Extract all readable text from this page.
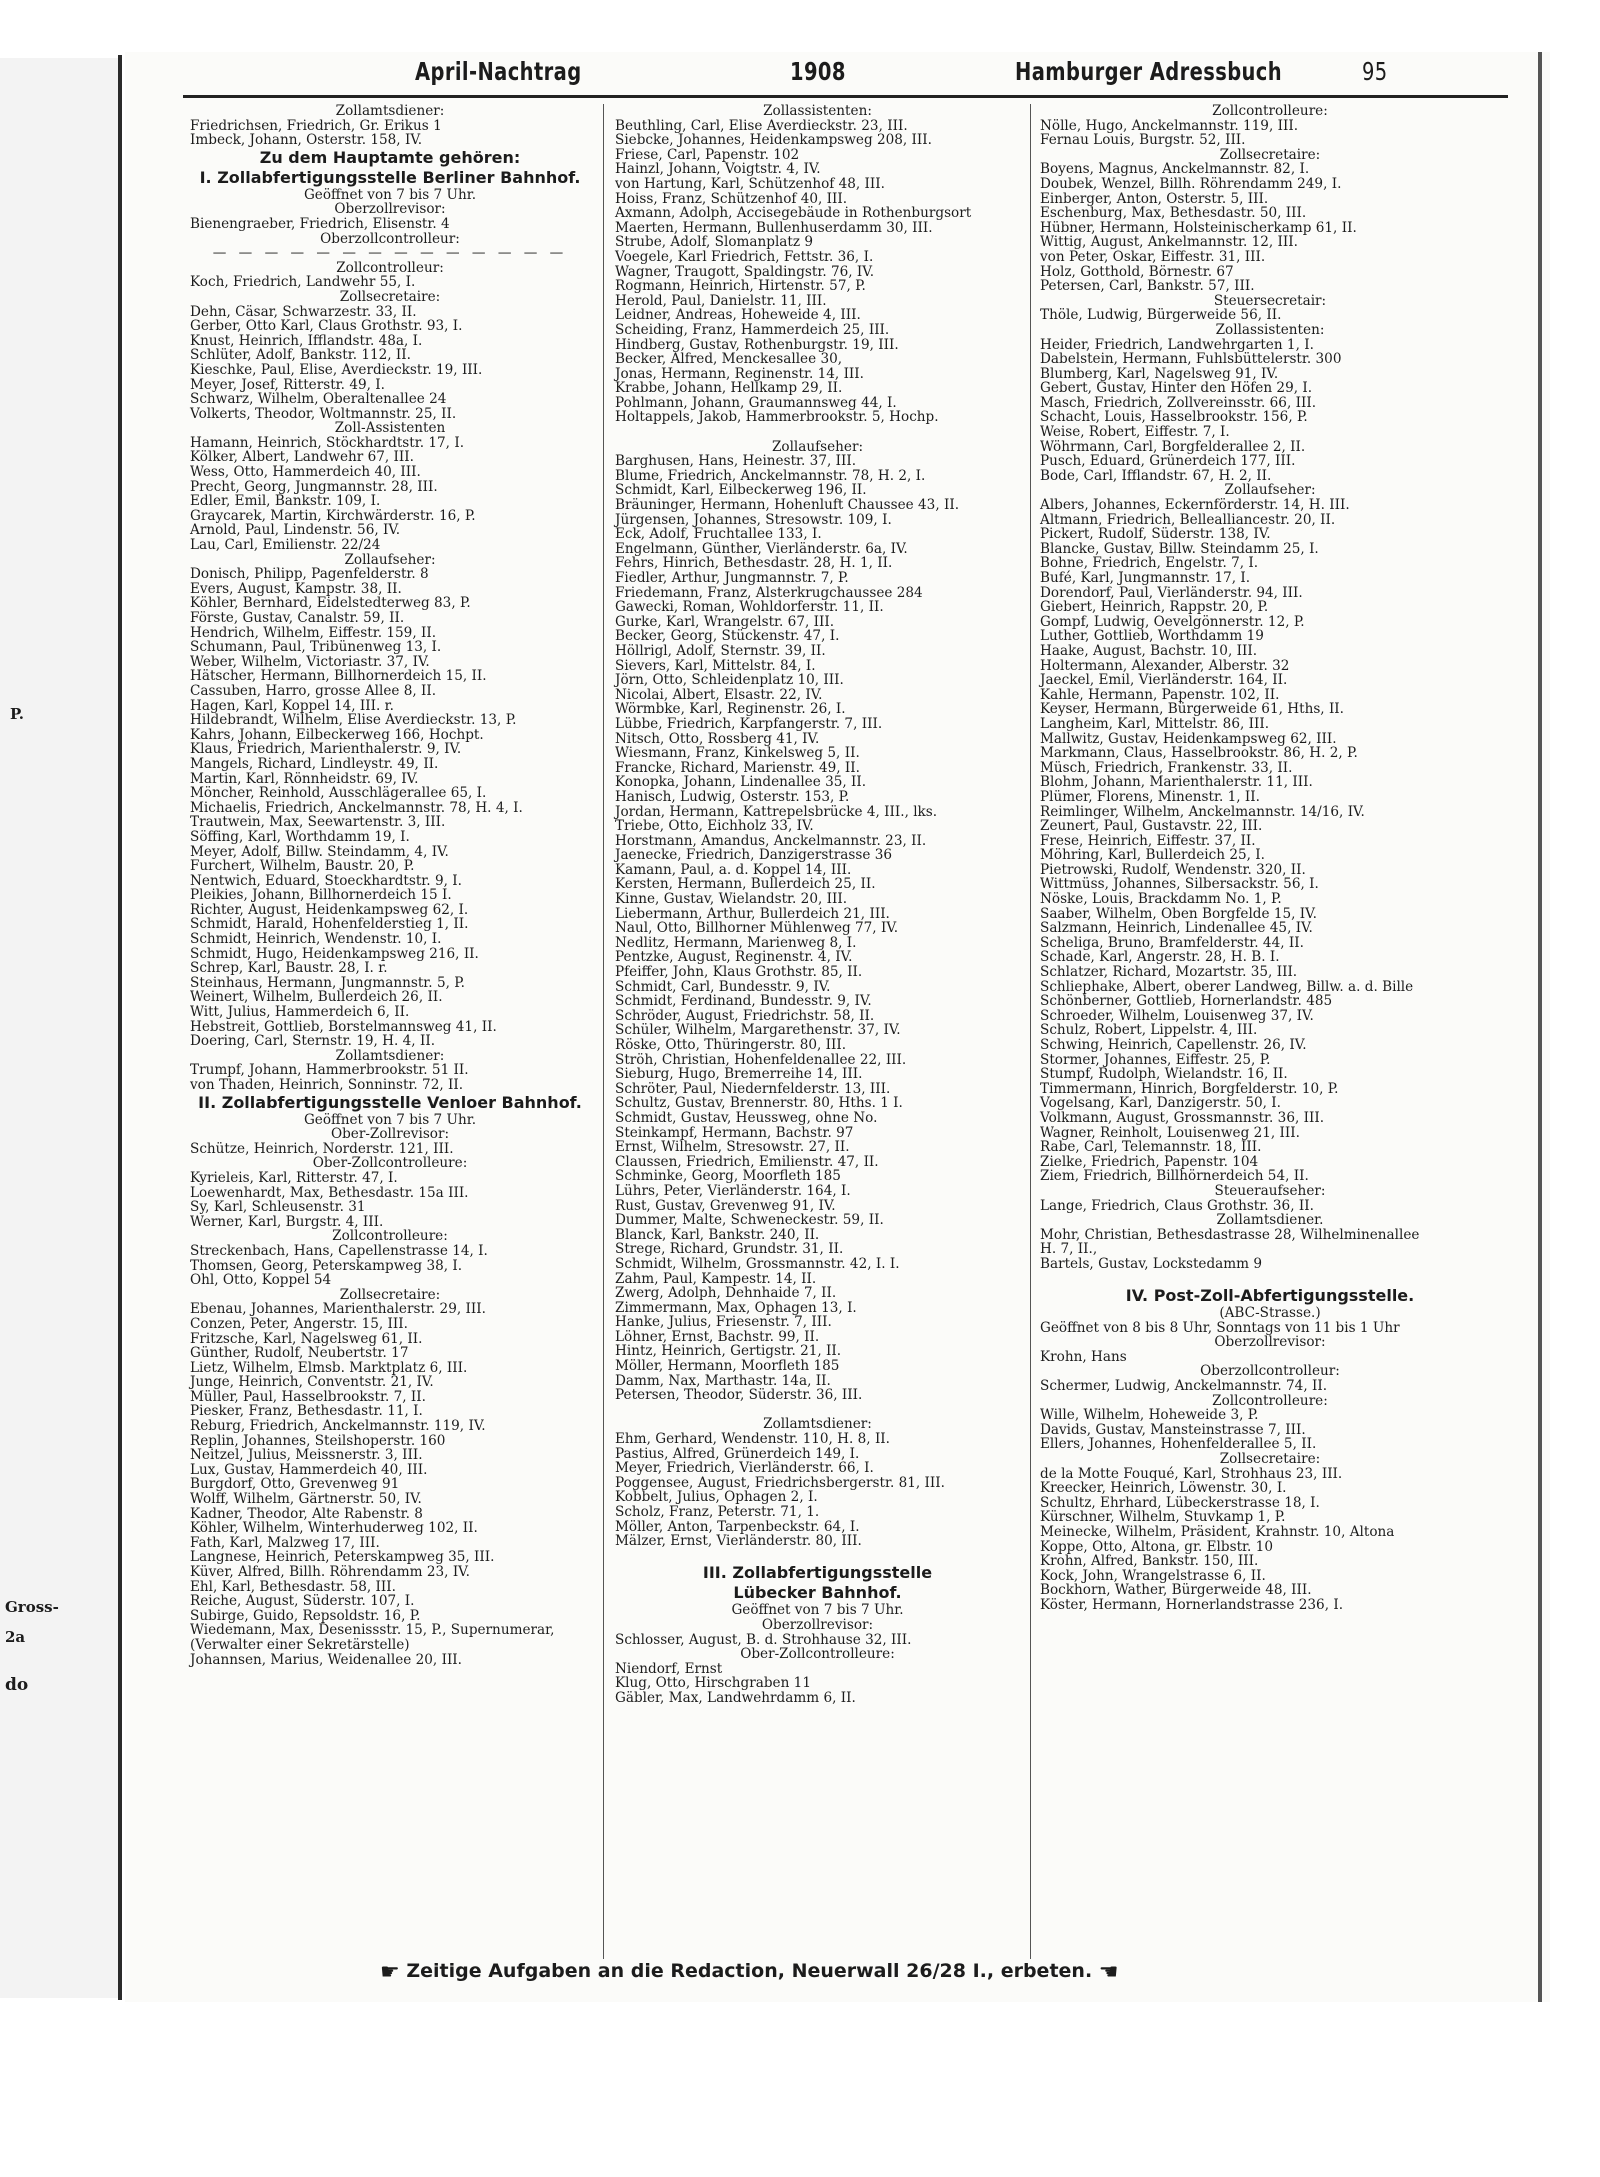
P.
Gross-
2a
do
April-Nachtrag	1908	Hamburger Adressbuch	95
Zollamtsdiener:
Friedrichsen, Friedrich, Gr. Erikus 1
Imbeck, Johann, Osterstr. 158, IV.
Zu dem Hauptamte gehören:
I. Zollabfertigungsstelle Berliner Bahnhof.
Geöffnet von 7 bis 7 Uhr.
Oberzollrevisor:
Bienengraeber, Friedrich, Elisenstr. 4
Oberzollcontrolleur:
— — — — — — — — — — — — — —
Zollcontrolleur:
Koch, Friedrich, Landwehr 55, I.
Zollsecretaire:
Dehn, Cäsar, Schwarzestr. 33, II.
Gerber, Otto Karl, Claus Grothstr. 93, I.
Knust, Heinrich, Ifflandstr. 48a, I.
Schlüter, Adolf, Bankstr. 112, II.
Kieschke, Paul, Elise, Averdieckstr. 19, III.
Meyer, Josef, Ritterstr. 49, I.
Schwarz, Wilhelm, Oberaltenallee 24
Volkerts, Theodor, Woltmannstr. 25, II.
Zoll-Assistenten
Hamann, Heinrich, Stöckhardtstr. 17, I.
Kölker, Albert, Landwehr 67, III.
Wess, Otto, Hammerdeich 40, III.
Precht, Georg, Jungmannstr. 28, III.
Edler, Emil, Bankstr. 109, I.
Graycarek, Martin, Kirchwärderstr. 16, P.
Arnold, Paul, Lindenstr. 56, IV.
Lau, Carl, Emilienstr. 22/24
Zollaufseher:
Donisch, Philipp, Pagenfelderstr. 8
Evers, August, Kampstr. 38, II.
Köhler, Bernhard, Eidelstedterweg 83, P.
Förste, Gustav, Canalstr. 59, II.
Hendrich, Wilhelm, Eiffestr. 159, II.
Schumann, Paul, Tribünenweg 13, I.
Weber, Wilhelm, Victoriastr. 37, IV.
Hätscher, Hermann, Billhornerdeich 15, II.
Cassuben, Harro, grosse Allee 8, II.
Hagen, Karl, Koppel 14, III. r.
Hildebrandt, Wilhelm, Elise Averdieckstr. 13, P.
Kahrs, Johann, Eilbeckerweg 166, Hochpt.
Klaus, Friedrich, Marienthalerstr. 9, IV.
Mangels, Richard, Lindleystr. 49, II.
Martin, Karl, Rönnheidstr. 69, IV.
Möncher, Reinhold, Ausschlägerallee 65, I.
Michaelis, Friedrich, Anckelmannstr. 78, H. 4, I.
Trautwein, Max, Seewartenstr. 3, III.
Söffing, Karl, Worthdamm 19, I.
Meyer, Adolf, Billw. Steindamm, 4, IV.
Furchert, Wilhelm, Baustr. 20, P.
Nentwich, Eduard, Stoeckhardtstr. 9, I.
Pleikies, Johann, Billhornerdeich 15 I.
Richter, August, Heidenkampsweg 62, I.
Schmidt, Harald, Hohenfelderstieg 1, II.
Schmidt, Heinrich, Wendenstr. 10, I.
Schmidt, Hugo, Heidenkampsweg 216, II.
Schrep, Karl, Baustr. 28, I. r.
Steinhaus, Hermann, Jungmannstr. 5, P.
Weinert, Wilhelm, Bullerdeich 26, II.
Witt, Julius, Hammerdeich 6, II.
Hebstreit, Gottlieb, Borstelmannsweg 41, II.
Doering, Carl, Sternstr. 19, H. 4, II.
Zollamtsdiener:
Trumpf, Johann, Hammerbrookstr. 51 II.
von Thaden, Heinrich, Sonninstr. 72, II.
II. Zollabfertigungsstelle Venloer Bahnhof.
Geöffnet von 7 bis 7 Uhr.
Ober-Zollrevisor:
Schütze, Heinrich, Norderstr. 121, III.
Ober-Zollcontrolleure:
Kyrieleis, Karl, Ritterstr. 47, I.
Loewenhardt, Max, Bethesdastr. 15a III.
Sy, Karl, Schleusenstr. 31
Werner, Karl, Burgstr. 4, III.
Zollcontrolleure:
Streckenbach, Hans, Capellenstrasse 14, I.
Thomsen, Georg, Peterskampweg 38, I.
Ohl, Otto, Koppel 54
Zollsecretaire:
Ebenau, Johannes, Marienthalerstr. 29, III.
Conzen, Peter, Angerstr. 15, III.
Fritzsche, Karl, Nagelsweg 61, II.
Günther, Rudolf, Neubertstr. 17
Lietz, Wilhelm, Elmsb. Marktplatz 6, III.
Junge, Heinrich, Conventstr. 21, IV.
Müller, Paul, Hasselbrookstr. 7, II.
Piesker, Franz, Bethesdastr. 11, I.
Reburg, Friedrich, Anckelmannstr. 119, IV.
Replin, Johannes, Steilshoperstr. 160
Neitzel, Julius, Meissnerstr. 3, III.
Lux, Gustav, Hammerdeich 40, III.
Burgdorf, Otto, Grevenweg 91
Wolff, Wilhelm, Gärtnerstr. 50, IV.
Kadner, Theodor, Alte Rabenstr. 8
Köhler, Wilhelm, Winterhuderweg 102, II.
Fath, Karl, Malzweg 17, III.
Langnese, Heinrich, Peterskampweg 35, III.
Küver, Alfred, Billh. Röhrendamm 23, IV.
Ehl, Karl, Bethesdastr. 58, III.
Reiche, August, Süderstr. 107, I.
Subirge, Guido, Repsoldstr. 16, P.
Wiedemann, Max, Desenissstr. 15, P., Supernumerar,
(Verwalter einer Sekretärstelle)
Johannsen, Marius, Weidenallee 20, III.
Zollassistenten:
Beuthling, Carl, Elise Averdieckstr. 23, III.
Siebcke, Johannes, Heidenkampsweg 208, III.
Friese, Carl, Papenstr. 102
Hainzl, Johann, Voigtstr. 4, IV.
von Hartung, Karl, Schützenhof 48, III.
Hoiss, Franz, Schützenhof 40, III.
Axmann, Adolph, Accisegebäude in Rothenburgsort
Maerten, Hermann, Bullenhuserdamm 30, III.
Strube, Adolf, Slomanplatz 9
Voegele, Karl Friedrich, Fettstr. 36, I.
Wagner, Traugott, Spaldingstr. 76, IV.
Rogmann, Heinrich, Hirtenstr. 57, P.
Herold, Paul, Danielstr. 11, III.
Leidner, Andreas, Hoheweide 4, III.
Scheiding, Franz, Hammerdeich 25, III.
Hindberg, Gustav, Rothenburgstr. 19, III.
Becker, Alfred, Menckesallee 30,
Jonas, Hermann, Reginenstr. 14, III.
Krabbe, Johann, Hellkamp 29, II.
Pohlmann, Johann, Graumannsweg 44, I.
Holtappels, Jakob, Hammerbrookstr. 5, Hochp.
Zollaufseher:
Barghusen, Hans, Heinestr. 37, III.
Blume, Friedrich, Anckelmannstr. 78, H. 2, I.
Schmidt, Karl, Eilbeckerweg 196, II.
Bräuninger, Hermann, Hohenluft Chaussee 43, II.
Jürgensen, Johannes, Stresowstr. 109, I.
Eck, Adolf, Fruchtallee 133, I.
Engelmann, Günther, Vierländerstr. 6a, IV.
Fehrs, Hinrich, Bethesdastr. 28, H. 1, II.
Fiedler, Arthur, Jungmannstr. 7, P.
Friedemann, Franz, Alsterkrugchaussee 284
Gawecki, Roman, Wohldorferstr. 11, II.
Gurke, Karl, Wrangelstr. 67, III.
Becker, Georg, Stückenstr. 47, I.
Höllrigl, Adolf, Sternstr. 39, II.
Sievers, Karl, Mittelstr. 84, I.
Jörn, Otto, Schleidenplatz 10, III.
Nicolai, Albert, Elsastr. 22, IV.
Wörmbke, Karl, Reginenstr. 26, I.
Lübbe, Friedrich, Karpfangerstr. 7, III.
Nitsch, Otto, Rossberg 41, IV.
Wiesmann, Franz, Kinkelsweg 5, II.
Francke, Richard, Marienstr. 49, II.
Konopka, Johann, Lindenallee 35, II.
Hanisch, Ludwig, Osterstr. 153, P.
Jordan, Hermann, Kattrepelsbrücke 4, III., lks.
Triebe, Otto, Eichholz 33, IV.
Horstmann, Amandus, Anckelmannstr. 23, II.
Jaenecke, Friedrich, Danzigerstrasse 36
Kamann, Paul, a. d. Koppel 14, III.
Kersten, Hermann, Bullerdeich 25, II.
Kinne, Gustav, Wielandstr. 20, III.
Liebermann, Arthur, Bullerdeich 21, III.
Naul, Otto, Billhorner Mühlenweg 77, IV.
Nedlitz, Hermann, Marienweg 8, I.
Pentzke, August, Reginenstr. 4, IV.
Pfeiffer, John, Klaus Grothstr. 85, II.
Schmidt, Carl, Bundesstr. 9, IV.
Schmidt, Ferdinand, Bundesstr. 9, IV.
Schröder, August, Friedrichstr. 58, II.
Schüler, Wilhelm, Margarethenstr. 37, IV.
Röske, Otto, Thüringerstr. 80, III.
Ströh, Christian, Hohenfeldenallee 22, III.
Sieburg, Hugo, Bremerreihe 14, III.
Schröter, Paul, Niedernfelderstr. 13, III.
Schultz, Gustav, Brennerstr. 80, Hths. 1 I.
Schmidt, Gustav, Heussweg, ohne No.
Steinkampf, Hermann, Bachstr. 97
Ernst, Wilhelm, Stresowstr. 27, II.
Claussen, Friedrich, Emilienstr. 47, II.
Schminke, Georg, Moorfleth 185
Lührs, Peter, Vierländerstr. 164, I.
Rust, Gustav, Grevenweg 91, IV.
Dummer, Malte, Schweneckestr. 59, II.
Blanck, Karl, Bankstr. 240, II.
Strege, Richard, Grundstr. 31, II.
Schmidt, Wilhelm, Grossmannstr. 42, I. I.
Zahm, Paul, Kampestr. 14, II.
Zwerg, Adolph, Dehnhaide 7, II.
Zimmermann, Max, Ophagen 13, I.
Hanke, Julius, Friesenstr. 7, III.
Löhner, Ernst, Bachstr. 99, II.
Hintz, Heinrich, Gertigstr. 21, II.
Möller, Hermann, Moorfleth 185
Damm, Nax, Marthastr. 14a, II.
Petersen, Theodor, Süderstr. 36, III.
Zollamtsdiener:
Ehm, Gerhard, Wendenstr. 110, H. 8, II.
Pastius, Alfred, Grünerdeich 149, I.
Meyer, Friedrich, Vierländerstr. 66, I.
Poggensee, August, Friedrichsbergerstr. 81, III.
Kobbelt, Julius, Ophagen 2, I.
Scholz, Franz, Peterstr. 71, 1.
Möller, Anton, Tarpenbeckstr. 64, I.
Mälzer, Ernst, Vierländerstr. 80, III.
III. Zollabfertigungsstelle
Lübecker Bahnhof.
Geöffnet von 7 bis 7 Uhr.
Oberzollrevisor:
Schlosser, August, B. d. Strohhause 32, III.
Ober-Zollcontrolleure:
Niendorf, Ernst
Klug, Otto, Hirschgraben 11
Gäbler, Max, Landwehrdamm 6, II.
Zollcontrolleure:
Nölle, Hugo, Anckelmannstr. 119, III.
Fernau Louis, Burgstr. 52, III.
Zollsecretaire:
Boyens, Magnus, Anckelmannstr. 82, I.
Doubek, Wenzel, Billh. Röhrendamm 249, I.
Einberger, Anton, Osterstr. 5, III.
Eschenburg, Max, Bethesdastr. 50, III.
Hübner, Hermann, Holsteinischerkamp 61, II.
Wittig, August, Ankelmannstr. 12, III.
von Peter, Oskar, Eiffestr. 31, III.
Holz, Gotthold, Börnestr. 67
Petersen, Carl, Bankstr. 57, III.
Steuersecretair:
Thöle, Ludwig, Bürgerweide 56, II.
Zollassistenten:
Heider, Friedrich, Landwehrgarten 1, I.
Dabelstein, Hermann, Fuhlsbüttelerstr. 300
Blumberg, Karl, Nagelsweg 91, IV.
Gebert, Gustav, Hinter den Höfen 29, I.
Masch, Friedrich, Zollvereinsstr. 66, III.
Schacht, Louis, Hasselbrookstr. 156, P.
Weise, Robert, Eiffestr. 7, I.
Wöhrmann, Carl, Borgfelderallee 2, II.
Pusch, Eduard, Grünerdeich 177, III.
Bode, Carl, Ifflandstr. 67, H. 2, II.
Zollaufseher:
Albers, Johannes, Eckernförderstr. 14, H. III.
Altmann, Friedrich, Bellealliancestr. 20, II.
Pickert, Rudolf, Süderstr. 138, IV.
Blancke, Gustav, Billw. Steindamm 25, I.
Bohne, Friedrich, Engelstr. 7, I.
Bufé, Karl, Jungmannstr. 17, I.
Dorendorf, Paul, Vierländerstr. 94, III.
Giebert, Heinrich, Rappstr. 20, P.
Gompf, Ludwig, Oevelgönnerstr. 12, P.
Luther, Gottlieb, Worthdamm 19
Haake, August, Bachstr. 10, III.
Holtermann, Alexander, Alberstr. 32
Jaeckel, Emil, Vierländerstr. 164, II.
Kahle, Hermann, Papenstr. 102, II.
Keyser, Hermann, Bürgerweide 61, Hths, II.
Langheim, Karl, Mittelstr. 86, III.
Mallwitz, Gustav, Heidenkampsweg 62, III.
Markmann, Claus, Hasselbrookstr. 86, H. 2, P.
Müsch, Friedrich, Frankenstr. 33, II.
Blohm, Johann, Marienthalerstr. 11, III.
Plümer, Florens, Minenstr. 1, II.
Reimlinger, Wilhelm, Anckelmannstr. 14/16, IV.
Zeunert, Paul, Gustavstr. 22, III.
Frese, Heinrich, Eiffestr. 37, II.
Möhring, Karl, Bullerdeich 25, I.
Pietrowski, Rudolf, Wendenstr. 320, II.
Wittmüss, Johannes, Silbersackstr. 56, I.
Nöske, Louis, Brackdamm No. 1, P.
Saaber, Wilhelm, Oben Borgfelde 15, IV.
Salzmann, Heinrich, Lindenallee 45, IV.
Scheliga, Bruno, Bramfelderstr. 44, II.
Schade, Karl, Angerstr. 28, H. B. I.
Schlatzer, Richard, Mozartstr. 35, III.
Schliephake, Albert, oberer Landweg, Billw. a. d. Bille
Schönberner, Gottlieb, Hornerlandstr. 485
Schroeder, Wilhelm, Louisenweg 37, IV.
Schulz, Robert, Lippelstr. 4, III.
Schwing, Heinrich, Capellenstr. 26, IV.
Stormer, Johannes, Eiffestr. 25, P.
Stumpf, Rudolph, Wielandstr. 16, II.
Timmermann, Hinrich, Borgfelderstr. 10, P.
Vogelsang, Karl, Danzigerstr. 50, I.
Volkmann, August, Grossmannstr. 36, III.
Wagner, Reinholt, Louisenweg 21, III.
Rabe, Carl, Telemannstr. 18, III.
Zielke, Friedrich, Papenstr. 104
Ziem, Friedrich, Billhörnerdeich 54, II.
Steueraufseher:
Lange, Friedrich, Claus Grothstr. 36, II.
Zollamtsdiener.
Mohr, Christian, Bethesdastrasse 28, Wilhelminenallee
H. 7, II.,
Bartels, Gustav, Lockstedamm 9
IV. Post-Zoll-Abfertigungsstelle.
(ABC-Strasse.)
Geöffnet von 8 bis 8 Uhr, Sonntags von 11 bis 1 Uhr
Oberzollrevisor:
Krohn, Hans
Oberzollcontrolleur:
Schermer, Ludwig, Anckelmannstr. 74, II.
Zollcontrolleure:
Wille, Wilhelm, Hoheweide 3, P.
Davids, Gustav, Mansteinstrasse 7, III.
Ellers, Johannes, Hohenfelderallee 5, II.
Zollsecretaire:
de la Motte Fouqué, Karl, Strohhaus 23, III.
Kreecker, Heinrich, Löwenstr. 30, I.
Schultz, Ehrhard, Lübeckerstrasse 18, I.
Kürschner, Wilhelm, Stuvkamp 1, P.
Meinecke, Wilhelm, Präsident, Krahnstr. 10, Altona
Koppe, Otto, Altona, gr. Elbstr. 10
Krohn, Alfred, Bankstr. 150, III.
Kock, John, Wrangelstrasse 6, II.
Bockhorn, Wather, Bürgerweide 48, III.
Köster, Hermann, Hornerlandstrasse 236, I.
☛ Zeitige Aufgaben an die Redaction, Neuerwall 26/28 I., erbeten. ☚
